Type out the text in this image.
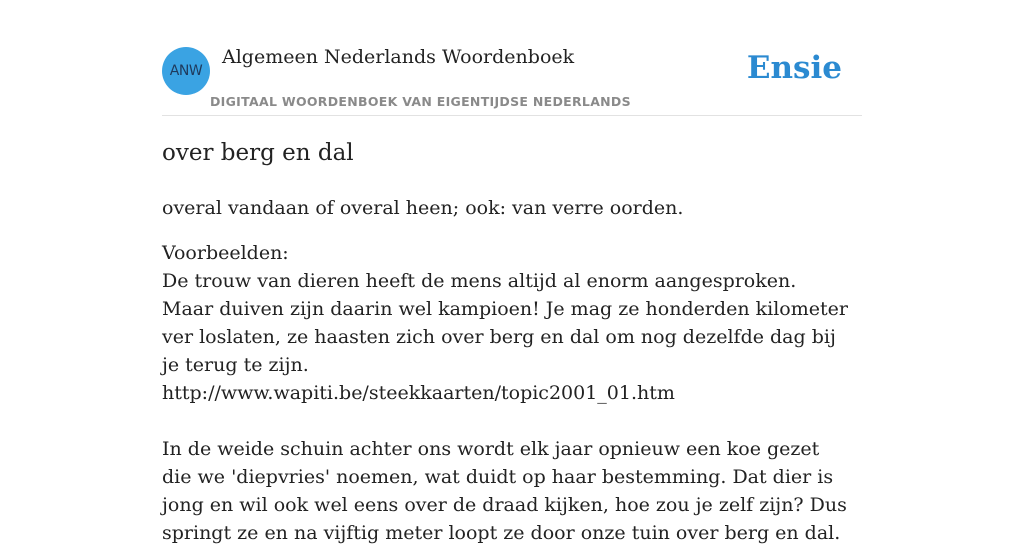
ANW
Algemeen Nederlands Woordenboek
DIGITAAL WOORDENBOEK VAN EIGENTIJDSE NEDERLANDS
Ensie
over berg en dal

overal vandaan of overal heen; ook: van verre oorden.

Voorbeelden:

De trouw van dieren heeft de mens altijd al enorm aangesproken. Maar duiven zijn daarin wel kampioen! Je mag ze honderden kilometer ver loslaten, ze haasten zich over berg en dal om nog dezelfde dag bij je terug te zijn.

http://www.wapiti.be/steekkaarten/topic2001_01.htm

In de weide schuin achter ons wordt elk jaar opnieuw een koe gezet die we 'diepvries' noemen, wat duidt op haar bestemming. Dat dier is jong en wil ook wel eens over de draad kijken, hoe zou je zelf zijn? Dus springt ze en na vijftig meter loopt ze door onze tuin over berg en dal.
